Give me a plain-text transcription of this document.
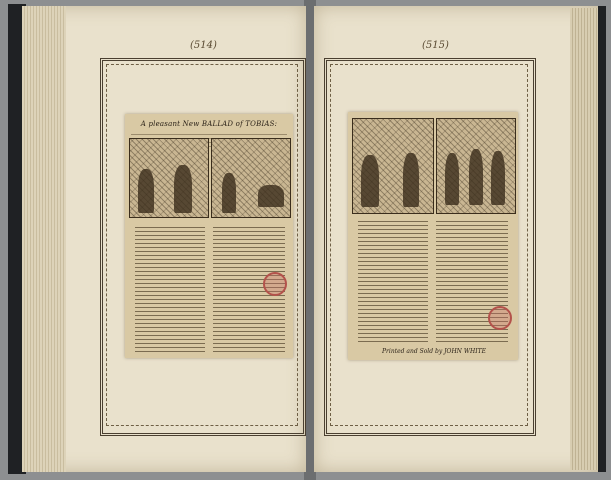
(514)
A pleasant New BALLAD of TOBIAS:
(515)
Printed and Sold by JOHN WHITE
